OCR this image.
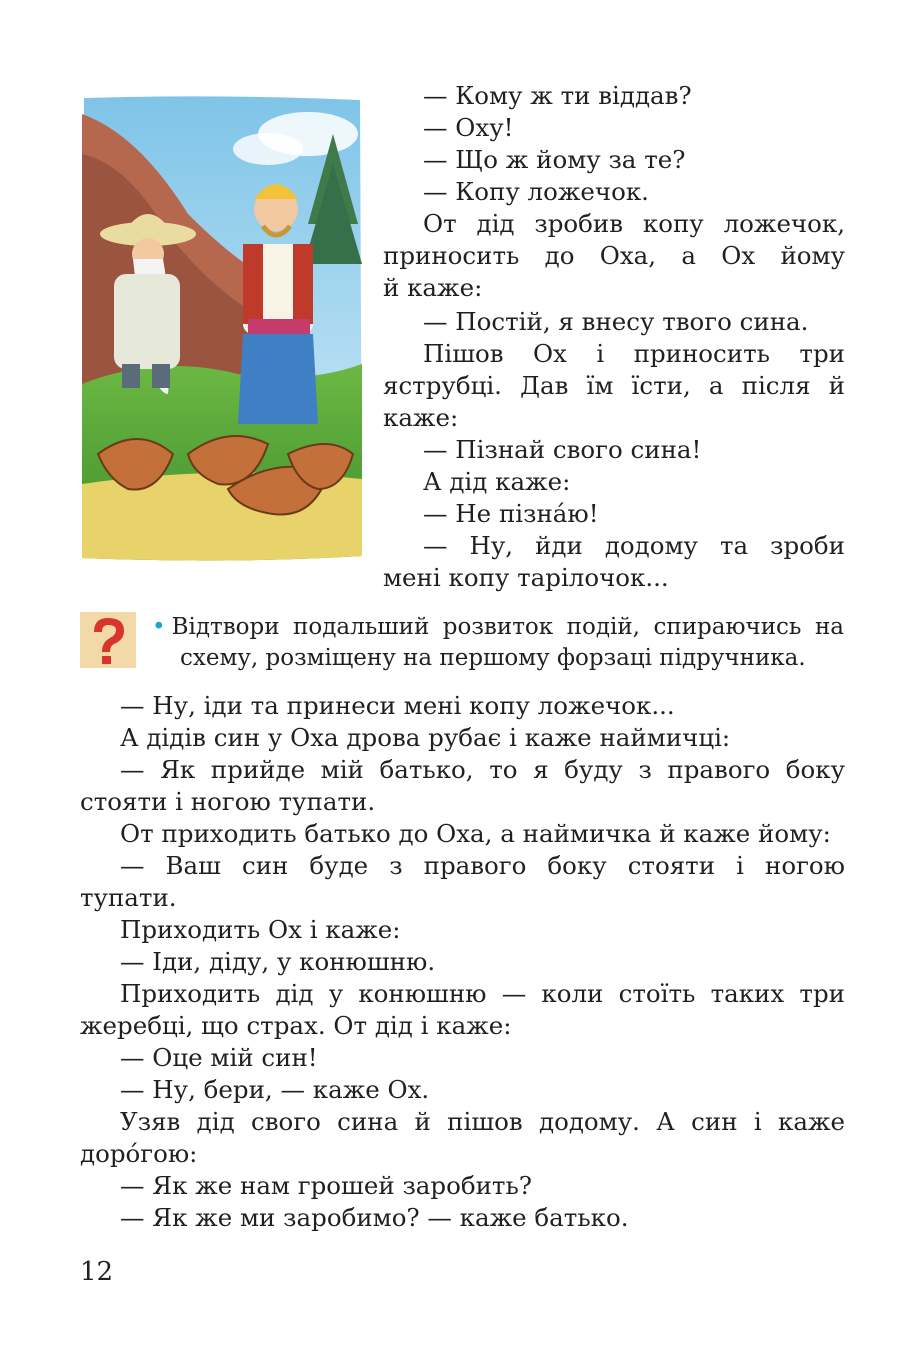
— Кому ж ти віддав?
— Оху!
— Що ж йому за те?
— Копу ложечок.
От дід зробив копу ложечок,
приносить до Оха, а Ох йому
й каже:
— Постій, я внесу твого сина.
Пішов Ох і приносить три
яструбці. Дав їм їсти, а після й
каже:
— Пізнай свого сина!
А дід каже:
— Не пізна́ю!
— Ну, йди додому та зроби
мені копу тарілочок...
• Відтвори подальший розвиток подій, спираючись на
схему, розміщену на першому форзаці підручника.
— Ну, іди та принеси мені копу ложечок...
А дідів син у Оха дрова рубає і каже наймичці:
— Як прийде мій батько, то я буду з правого боку
стояти і ногою тупати.
От приходить батько до Оха, а наймичка й каже йому:
— Ваш син буде з правого боку стояти і ногою
тупати.
Приходить Ох і каже:
— Іди, діду, у конюшню.
Приходить дід у конюшню — коли стоїть таких три
жеребці, що страх. От дід і каже:
— Оце мій син!
— Ну, бери, — каже Ох.
Узяв дід свого сина й пішов додому. А син і каже
доро́гою:
— Як же нам грошей заробить?
— Як же ми заробимо? — каже батько.
12
